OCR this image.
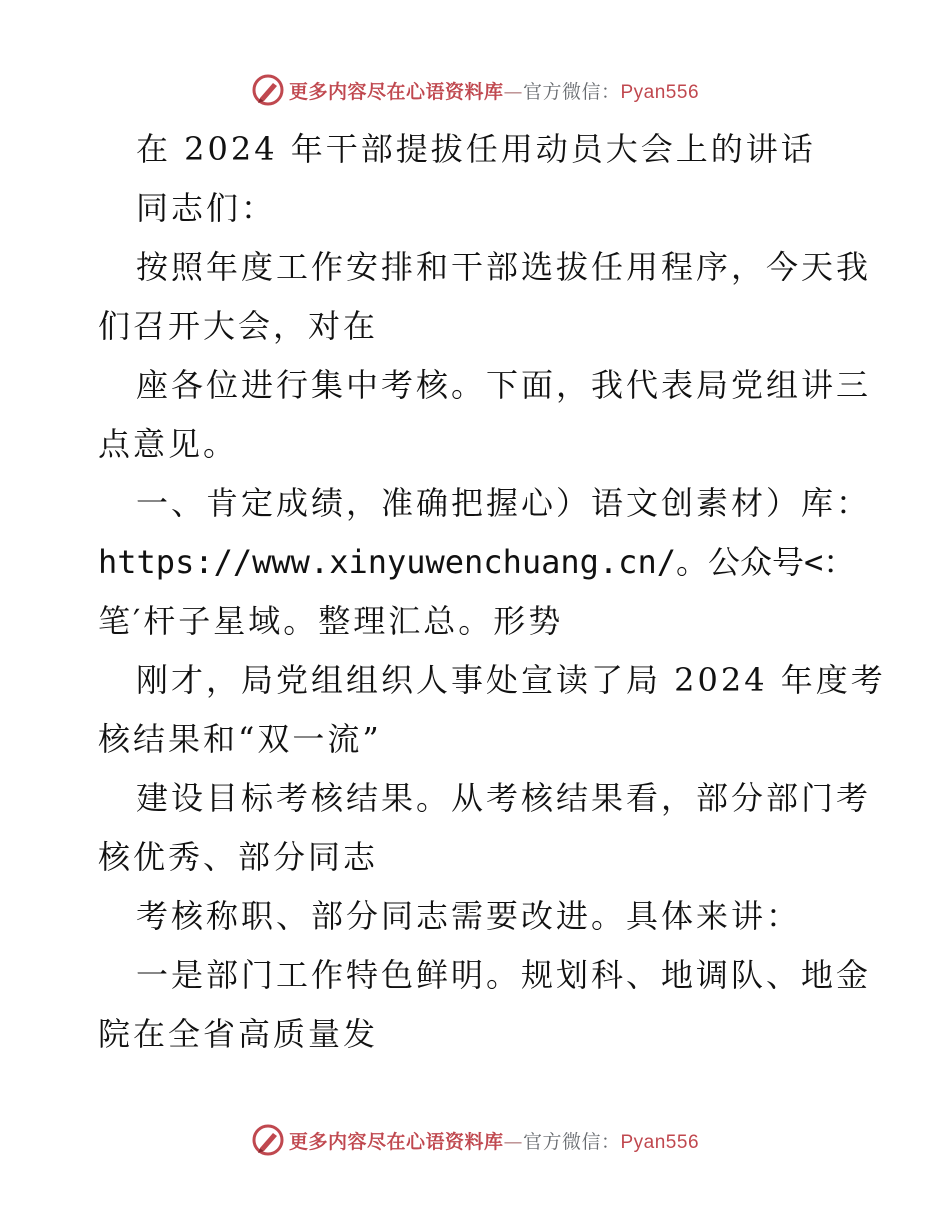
更多内容尽在心语资料库—官方微信：Pyan556
在 2024 年干部提拔任用动员大会上的讲话
同志们：
按照年度工作安排和干部选拔任用程序，今天我
们召开大会，对在
座各位进行集中考核。下面，我代表局党组讲三
点意见。
一、肯定成绩，准确把握心）语文创素材）库：
https://www.xinyuwenchuang.cn/。公众号<：
笔′杆子星域。整理汇总。形势
刚才，局党组组织人事处宣读了局 2024 年度考
核结果和“双一流”
建设目标考核结果。从考核结果看，部分部门考
核优秀、部分同志
考核称职、部分同志需要改进。具体来讲：
一是部门工作特色鲜明。规划科、地调队、地金
院在全省高质量发
更多内容尽在心语资料库—官方微信：Pyan556
